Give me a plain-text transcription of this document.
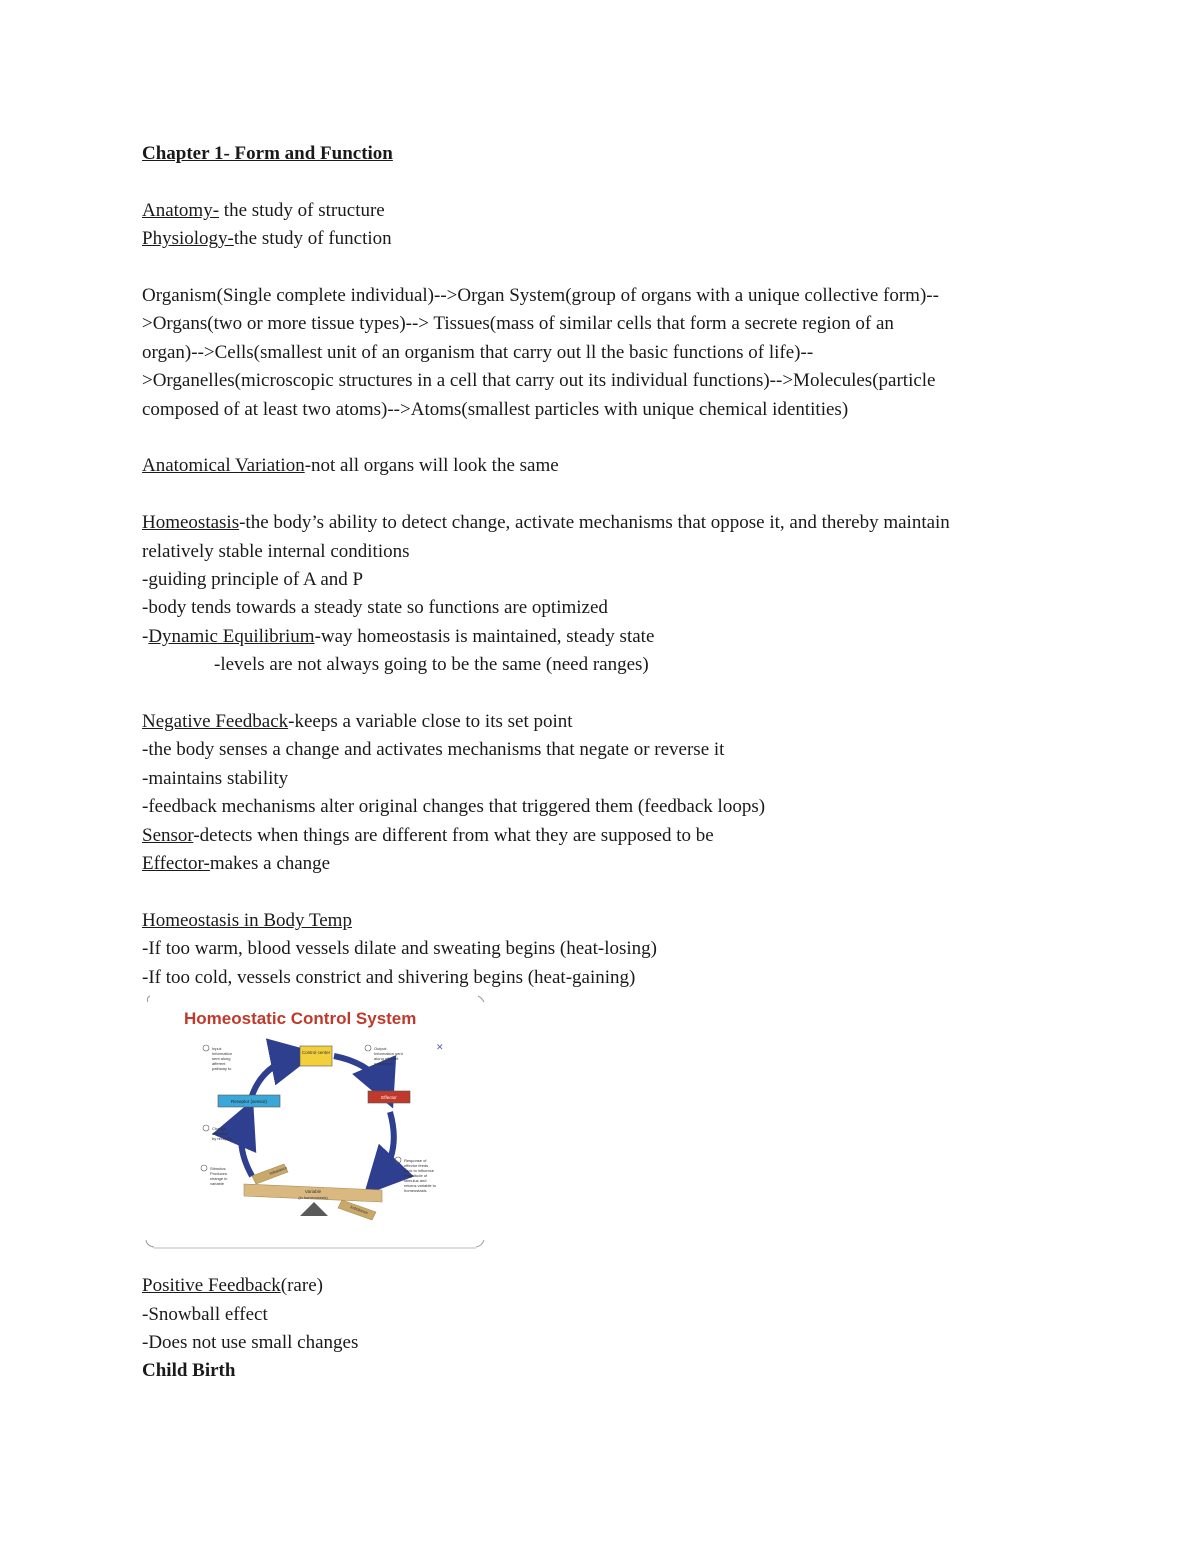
Chapter 1- Form and Function

Anatomy- the study of structure

Physiology-the study of function

Organism(Single complete individual)-->Organ System(group of organs with a unique collective form)--

>Organs(two or more tissue types)--> Tissues(mass of similar cells that form a secrete region of an

organ)-->Cells(smallest unit of an organism that carry out ll the basic functions of life)--

>Organelles(microscopic structures in a cell that carry out its individual functions)-->Molecules(particle

composed of at least two atoms)-->Atoms(smallest particles with unique chemical identities)

Anatomical Variation-not all organs will look the same

Homeostasis-the body’s ability to detect change, activate mechanisms that oppose it, and thereby maintain

relatively stable internal conditions

-guiding principle of A and P

-body tends towards a steady state so functions are optimized

-Dynamic Equilibrium-way homeostasis is maintained, steady state

-levels are not always going to be the same (need ranges)

Negative Feedback-keeps a variable close to its set point

-the body senses a change and activates mechanisms that negate or reverse it

-maintains stability

-feedback mechanisms alter original changes that triggered them (feedback loops)

Sensor-detects when things are different from what they are supposed to be

Effector-makes a change

Homeostasis in Body Temp

-If too warm, blood vessels dilate and sweating begins (heat-losing)

-If too cold, vessels constrict and shivering begins (heat-gaining)

Homeostatic Control System
✕
Control center
Receptor (sensor)
Effector
Variable
(in homeostasis)
Imbalance
Imbalance
Input:
Information
sent along
afferent
pathway to
Output:
Information sent
along efferent
pathway to
Change
detected
by receptor
Stimulus:
Produces
change in
variable
Response of
effector feeds
back to influence
magnitude of
stimulus and
returns variable to
homeostasis

Positive Feedback(rare)

-Snowball effect

-Does not use small changes

Child Birth
